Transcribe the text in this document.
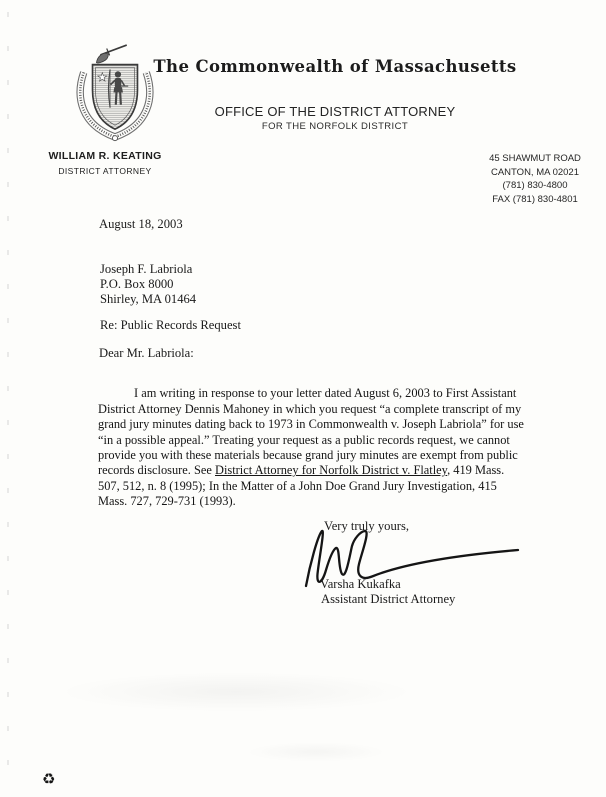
The Commonwealth of Massachusetts
OFFICE OF THE DISTRICT ATTORNEY
FOR THE NORFOLK DISTRICT
WILLIAM R. KEATING
DISTRICT ATTORNEY
45 SHAWMUT ROAD
CANTON, MA 02021
(781) 830-4800
FAX (781) 830-4801
August 18, 2003
Joseph F. Labriola
P.O. Box 8000
Shirley, MA 01464
Re: Public Records Request
Dear Mr. Labriola:

I am writing in response to your letter dated August 6, 2003 to First Assistant District Attorney Dennis Mahoney in which you request “a complete transcript of my grand jury minutes dating back to 1973 in Commonwealth v. Joseph Labriola” for use “in a possible appeal.” Treating your request as a public records request, we cannot provide you with these materials because grand jury minutes are exempt from public records disclosure. See District Attorney for Norfolk District v. Flatley, 419 Mass. 507, 512, n. 8 (1995); In the Matter of a John Doe Grand Jury Investigation, 415 Mass. 727, 729-731 (1993).

Very truly yours,
Varsha Kukafka
Assistant District Attorney
♻
